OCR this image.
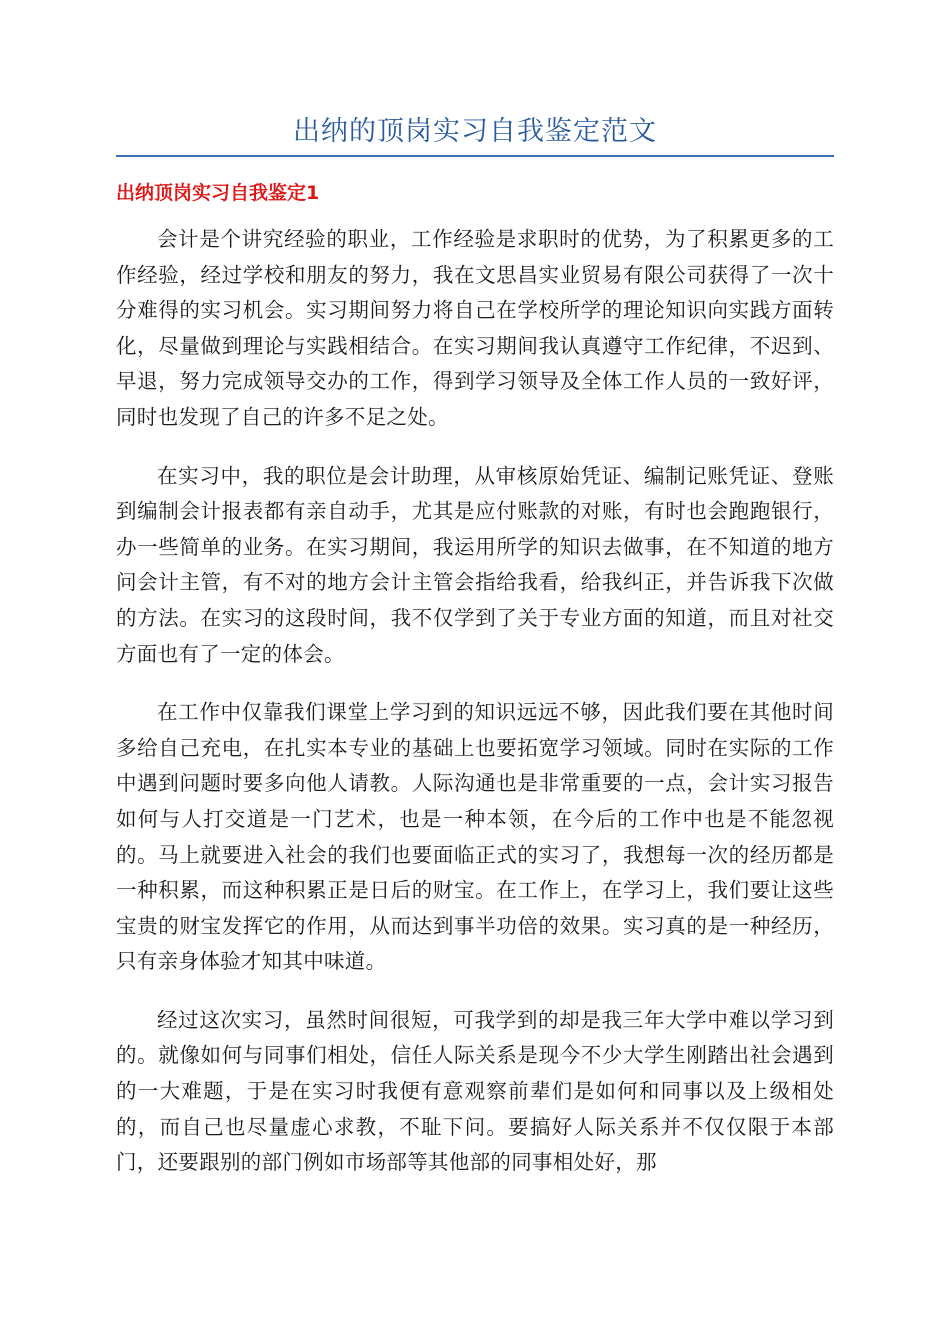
出纳的顶岗实习自我鉴定范文
出纳顶岗实习自我鉴定1

会计是个讲究经验的职业，工作经验是求职时的优势，为了积累更多的工作经验，经过学校和朋友的努力，我在文思昌实业贸易有限公司获得了一次十分难得的实习机会。实习期间努力将自己在学校所学的理论知识向实践方面转化，尽量做到理论与实践相结合。在实习期间我认真遵守工作纪律，不迟到、早退，努力完成领导交办的工作，得到学习领导及全体工作人员的一致好评，同时也发现了自己的许多不足之处。

在实习中，我的职位是会计助理，从审核原始凭证、编制记账凭证、登账到编制会计报表都有亲自动手，尤其是应付账款的对账，有时也会跑跑银行，办一些简单的业务。在实习期间，我运用所学的知识去做事，在不知道的地方问会计主管，有不对的地方会计主管会指给我看，给我纠正，并告诉我下次做的方法。在实习的这段时间，我不仅学到了关于专业方面的知道，而且对社交方面也有了一定的体会。

在工作中仅靠我们课堂上学习到的知识远远不够，因此我们要在其他时间多给自己充电，在扎实本专业的基础上也要拓宽学习领域。同时在实际的工作中遇到问题时要多向他人请教。人际沟通也是非常重要的一点，会计实习报告如何与人打交道是一门艺术，也是一种本领，在今后的工作中也是不能忽视的。马上就要进入社会的我们也要面临正式的实习了，我想每一次的经历都是一种积累，而这种积累正是日后的财宝。在工作上，在学习上，我们要让这些宝贵的财宝发挥它的作用，从而达到事半功倍的效果。实习真的是一种经历，只有亲身体验才知其中味道。

经过这次实习，虽然时间很短，可我学到的却是我三年大学中难以学习到的。就像如何与同事们相处，信任人际关系是现今不少大学生刚踏出社会遇到的一大难题，于是在实习时我便有意观察前辈们是如何和同事以及上级相处的，而自己也尽量虚心求教，不耻下问。要搞好人际关系并不仅仅限于本部门，还要跟别的部门例如市场部等其他部的同事相处好，那
